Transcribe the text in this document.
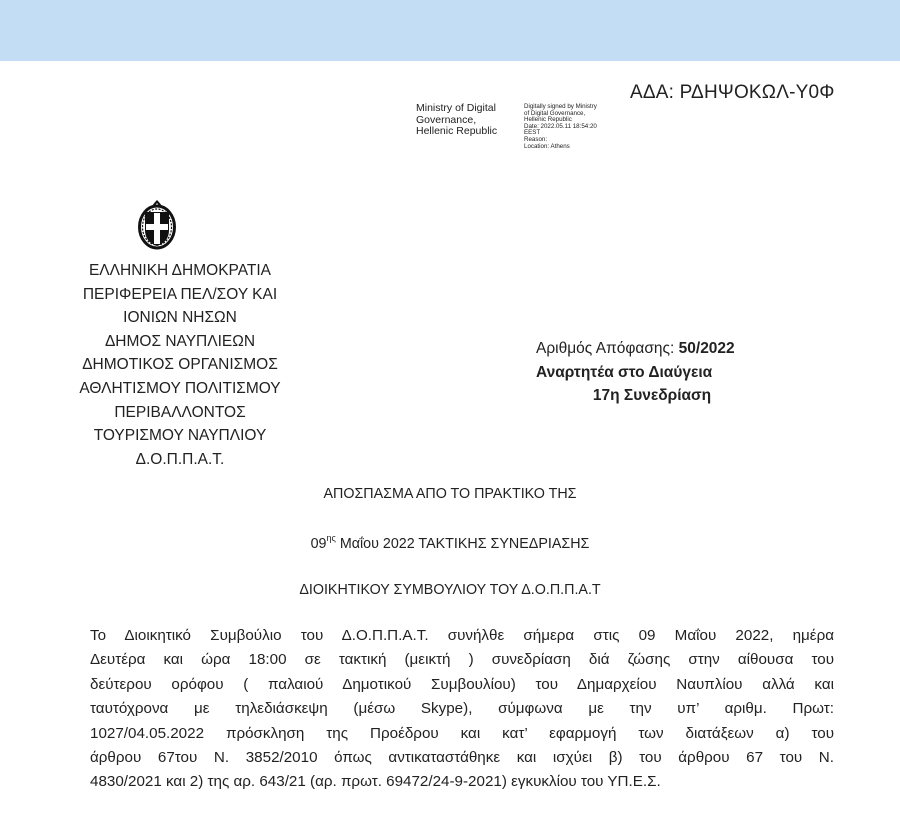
ΑΔΑ: ΡΔΗΨΟΚΩΛ-Υ0Φ
Ministry of Digital
Governance,
Hellenic Republic
Digitally signed by Ministry
of Digital Governance,
Hellenic Republic
Date: 2022.05.11 18:54:20
EEST
Reason:
Location: Athens
ΕΛΛΗΝΙΚΗ ΔΗΜΟΚΡΑΤΙΑ
ΠΕΡΙΦΕΡΕΙΑ ΠΕΛ/ΣΟΥ ΚΑΙ
ΙΟΝΙΩΝ ΝΗΣΩΝ
ΔΗΜΟΣ ΝΑΥΠΛΙΕΩΝ
ΔΗΜΟΤΙΚΟΣ ΟΡΓΑΝΙΣΜΟΣ
ΑΘΛΗΤΙΣΜΟΥ ΠΟΛΙΤΙΣΜΟΥ
ΠΕΡΙΒΑΛΛΟΝΤΟΣ
ΤΟΥΡΙΣΜΟΥ ΝΑΥΠΛΙΟΥ
Δ.Ο.Π.Π.Α.Τ.
Αριθμός Απόφασης: 50/2022
Αναρτητέα στο Διαύγεια
17η Συνεδρίαση
ΑΠΟΣΠΑΣΜΑ ΑΠΟ ΤΟ ΠΡΑΚΤΙΚΟ ΤΗΣ
$09^{\eta\varsigma}$ Μαΐου 2022 ΤΑΚΤΙΚΗΣ ΣΥΝΕΔΡΙΑΣΗΣ
ΔΙΟΙΚΗΤΙΚΟΥ ΣΥΜΒΟΥΛΙΟΥ ΤΟΥ Δ.Ο.Π.Π.Α.Τ
Το Διοικητικό Συμβούλιο του Δ.Ο.Π.Π.Α.Τ. συνήλθε σήμερα στις 09 Μαΐου 2022, ημέρα
Δευτέρα και ώρα 18:00 σε τακτική (μεικτή ) συνεδρίαση διά ζώσης στην αίθουσα του
δεύτερου ορόφου ( παλαιού Δημοτικού Συμβουλίου) του Δημαρχείου Ναυπλίου αλλά και
ταυτόχρονα με τηλεδιάσκεψη (μέσω Skype), σύμφωνα με την υπ’ αριθμ. Πρωτ:
1027/04.05.2022 πρόσκληση της Προέδρου και κατ’ εφαρμογή των διατάξεων α) του
άρθρου 67του Ν. 3852/2010 όπως αντικαταστάθηκε και ισχύει β) του άρθρου 67 του Ν.
4830/2021 και 2) της αρ. 643/21 (αρ. πρωτ. 69472/24-9-2021) εγκυκλίου του ΥΠ.Ε.Σ.
